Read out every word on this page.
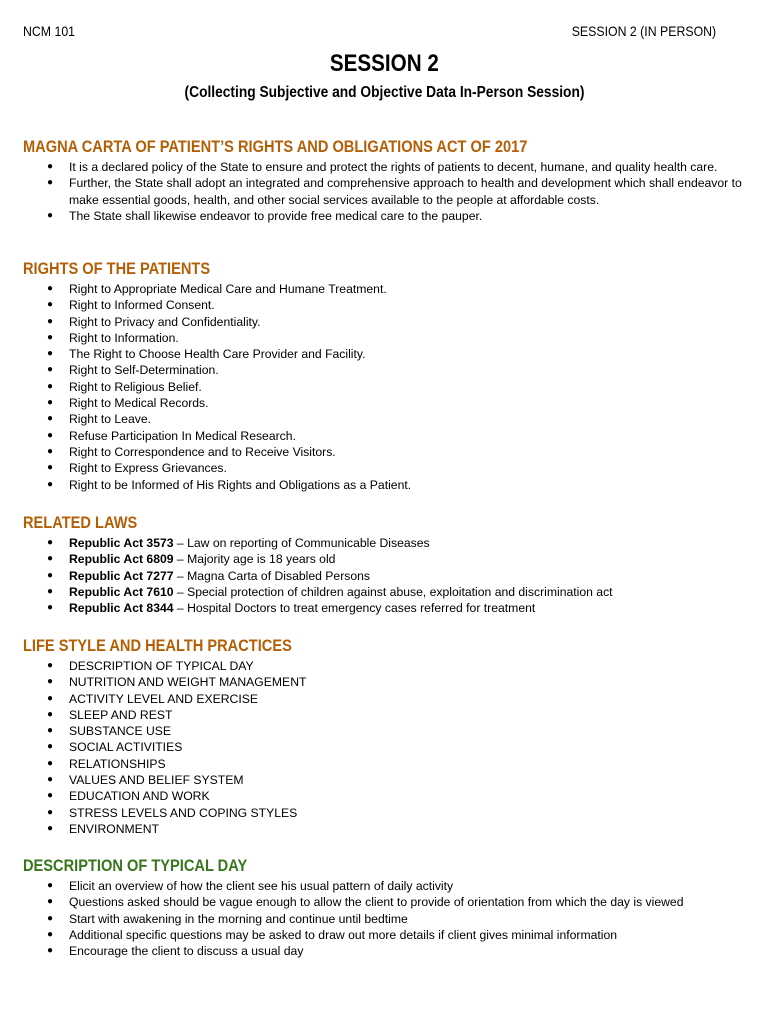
NCM 101	SESSION 2 (IN PERSON)
SESSION 2
(Collecting Subjective and Objective Data In-Person Session)
MAGNA CARTA OF PATIENT’S RIGHTS AND OBLIGATIONS ACT OF 2017
● It is a declared policy of the State to ensure and protect the rights of patients to decent, humane, and quality health care.
● Further, the State shall adopt an integrated and comprehensive approach to health and development which shall endeavor to make essential goods, health, and other social services available to the people at affordable costs.
● The State shall likewise endeavor to provide free medical care to the pauper.
RIGHTS OF THE PATIENTS
● Right to Appropriate Medical Care and Humane Treatment.
● Right to Informed Consent.
● Right to Privacy and Confidentiality.
● Right to Information.
● The Right to Choose Health Care Provider and Facility.
● Right to Self-Determination.
● Right to Religious Belief.
● Right to Medical Records.
● Right to Leave.
● Refuse Participation In Medical Research.
● Right to Correspondence and to Receive Visitors.
● Right to Express Grievances.
● Right to be Informed of His Rights and Obligations as a Patient.
RELATED LAWS
● Republic Act 3573 – Law on reporting of Communicable Diseases
● Republic Act 6809 – Majority age is 18 years old
● Republic Act 7277 – Magna Carta of Disabled Persons
● Republic Act 7610 – Special protection of children against abuse, exploitation and discrimination act
● Republic Act 8344 – Hospital Doctors to treat emergency cases referred for treatment
LIFE STYLE AND HEALTH PRACTICES
● DESCRIPTION OF TYPICAL DAY
● NUTRITION AND WEIGHT MANAGEMENT
● ACTIVITY LEVEL AND EXERCISE
● SLEEP AND REST
● SUBSTANCE USE
● SOCIAL ACTIVITIES
● RELATIONSHIPS
● VALUES AND BELIEF SYSTEM
● EDUCATION AND WORK
● STRESS LEVELS AND COPING STYLES
● ENVIRONMENT
DESCRIPTION OF TYPICAL DAY
● Elicit an overview of how the client see his usual pattern of daily activity
● Questions asked should be vague enough to allow the client to provide of orientation from which the day is viewed
● Start with awakening in the morning and continue until bedtime
● Additional specific questions may be asked to draw out more details if client gives minimal information
● Encourage the client to discuss a usual day
